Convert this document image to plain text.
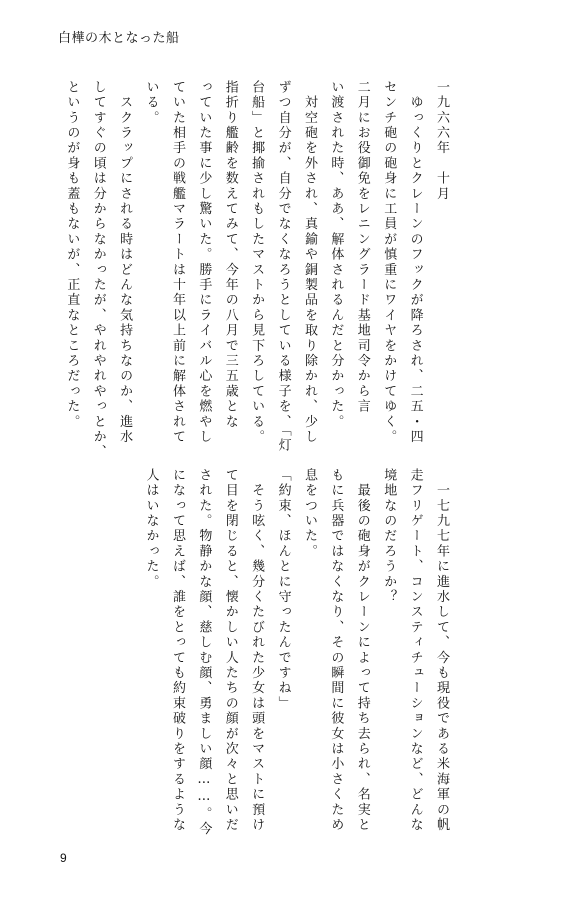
白樺の木となった船
一九六六年　十月
　ゆっくりとクレーンのフックが降ろされ、二五・四
センチ砲の砲身に工員が慎重にワイヤをかけてゆく。
二月にお役御免をレニングラード基地司令から言
い渡された時、ああ、解体されるんだと分かった。
　対空砲を外され、真鍮や銅製品を取り除かれ、少し
ずつ自分が、自分でなくなろうとしている様子を、「灯
台船」と揶揄されもしたマストから見下ろしている。
指折り艦齢を数えてみて、今年の八月で三五歳とな
っていた事に少し驚いた。勝手にライバル心を燃やし
ていた相手の戦艦マラートは十年以上前に解体されて
いる。
　スクラップにされる時はどんな気持ちなのか、進水
してすぐの頃は分からなかったが、やれやれやっとか、
というのが身も蓋もないが、正直なところだった。
　一七九七年に進水して、今も現役である米海軍の帆
走フリゲート、コンスティチューションなど、どんな
境地なのだろうか？
　最後の砲身がクレーンによって持ち去られ、名実と
もに兵器ではなくなり、その瞬間に彼女は小さくため
息をついた。
「約束、ほんとに守ったんですね」
　そう呟く、幾分くたびれた少女は頭をマストに預け
て目を閉じると、懐かしい人たちの顔が次々と思いだ
された。物静かな顔、慈しむ顔、勇ましい顔……。今
になって思えば、誰をとっても約束破りをするような
人はいなかった。
9
